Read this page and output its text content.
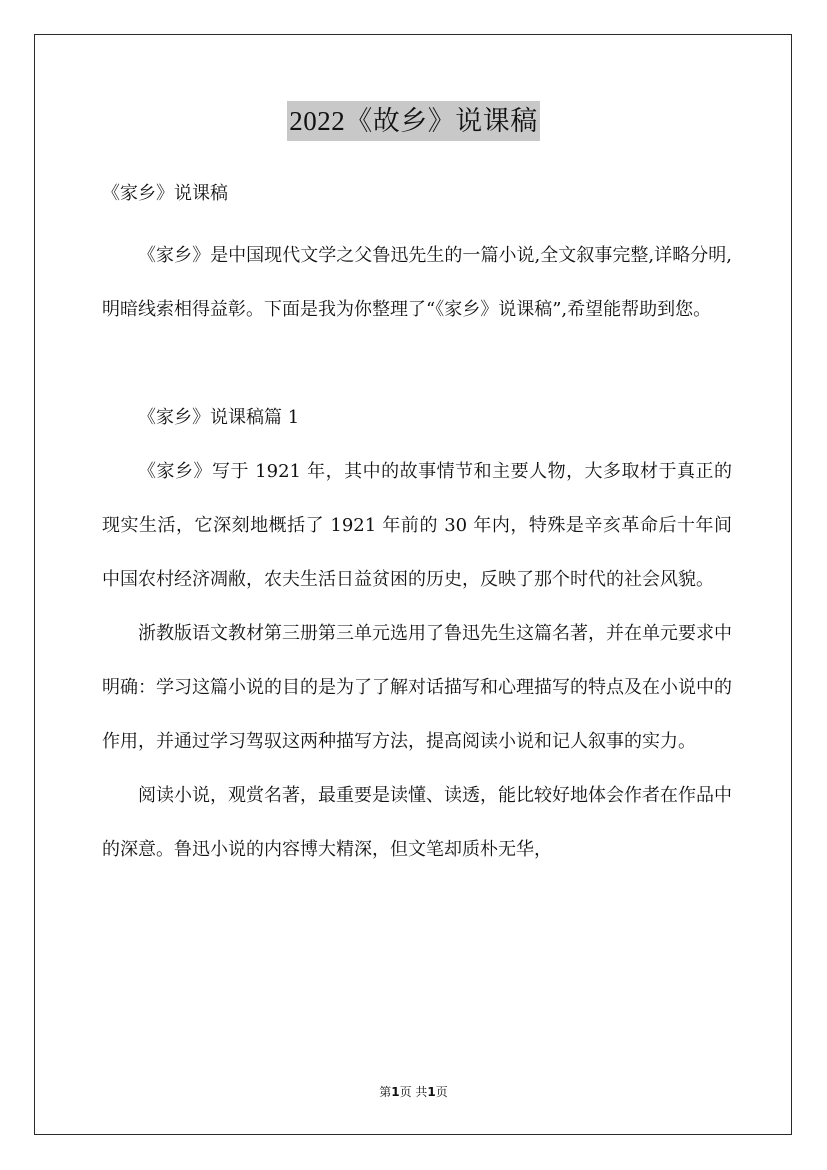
2022《故乡》说课稿

《家乡》说课稿

《家乡》是中国现代文学之父鲁迅先生的一篇小说,全文叙事完整,详略分明,明暗线索相得益彰。下面是我为你整理了“《家乡》说课稿”,希望能帮助到您。

《家乡》说课稿篇 1

《家乡》写于 1921 年，其中的故事情节和主要人物，大多取材于真正的现实生活，它深刻地概括了 1921 年前的 30 年内，特殊是辛亥革命后十年间中国农村经济凋敝，农夫生活日益贫困的历史，反映了那个时代的社会风貌。

浙教版语文教材第三册第三单元选用了鲁迅先生这篇名著，并在单元要求中明确：学习这篇小说的目的是为了了解对话描写和心理描写的特点及在小说中的作用，并通过学习驾驭这两种描写方法，提高阅读小说和记人叙事的实力。

阅读小说，观赏名著，最重要是读懂、读透，能比较好地体会作者在作品中的深意。鲁迅小说的内容博大精深，但文笔却质朴无华，

第1页 共1页
